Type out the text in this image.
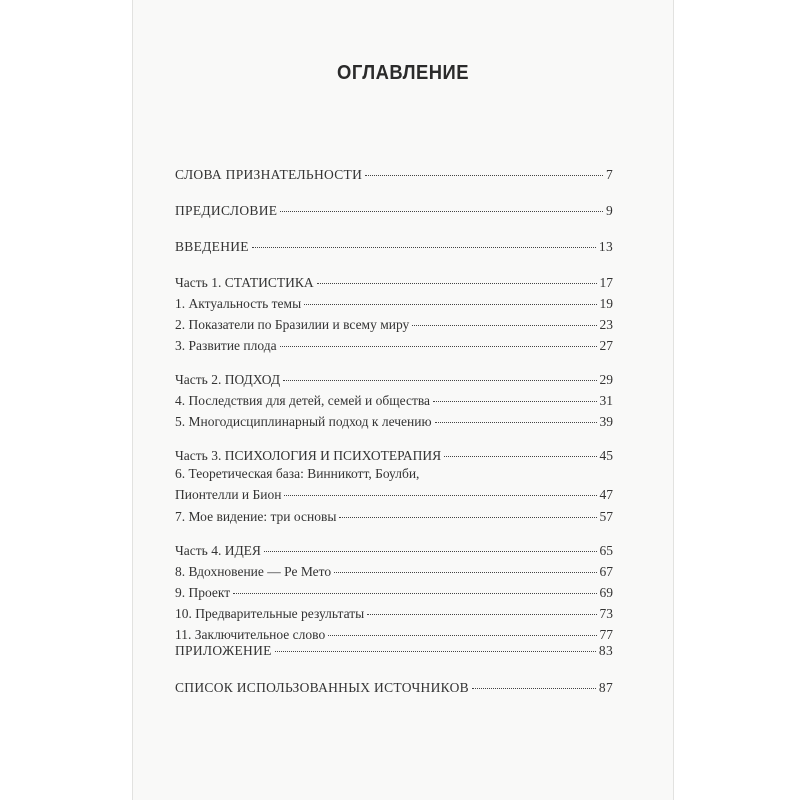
ОГЛАВЛЕНИЕ
СЛОВА ПРИЗНАТЕЛЬНОСТИ	7
ПРЕДИСЛОВИЕ	9
ВВЕДЕНИЕ	13
Часть 1. СТАТИСТИКА	17
1. Актуальность темы	19
2. Показатели по Бразилии и всему миру	23
3. Развитие плода	27
Часть 2. ПОДХОД	29
4. Последствия для детей, семей и общества	31
5. Многодисциплинарный подход к лечению	39
Часть 3. ПСИХОЛОГИЯ И ПСИХОТЕРАПИЯ	45
6. Теоретическая база: Винникотт, Боулби,
Пионтелли и Бион	47
7. Мое видение: три основы	57
Часть 4. ИДЕЯ	65
8. Вдохновение — Ре Мето	67
9. Проект	69
10. Предварительные результаты	73
11. Заключительное слово	77
ПРИЛОЖЕНИЕ	83
СПИСОК ИСПОЛЬЗОВАННЫХ ИСТОЧНИКОВ	87
